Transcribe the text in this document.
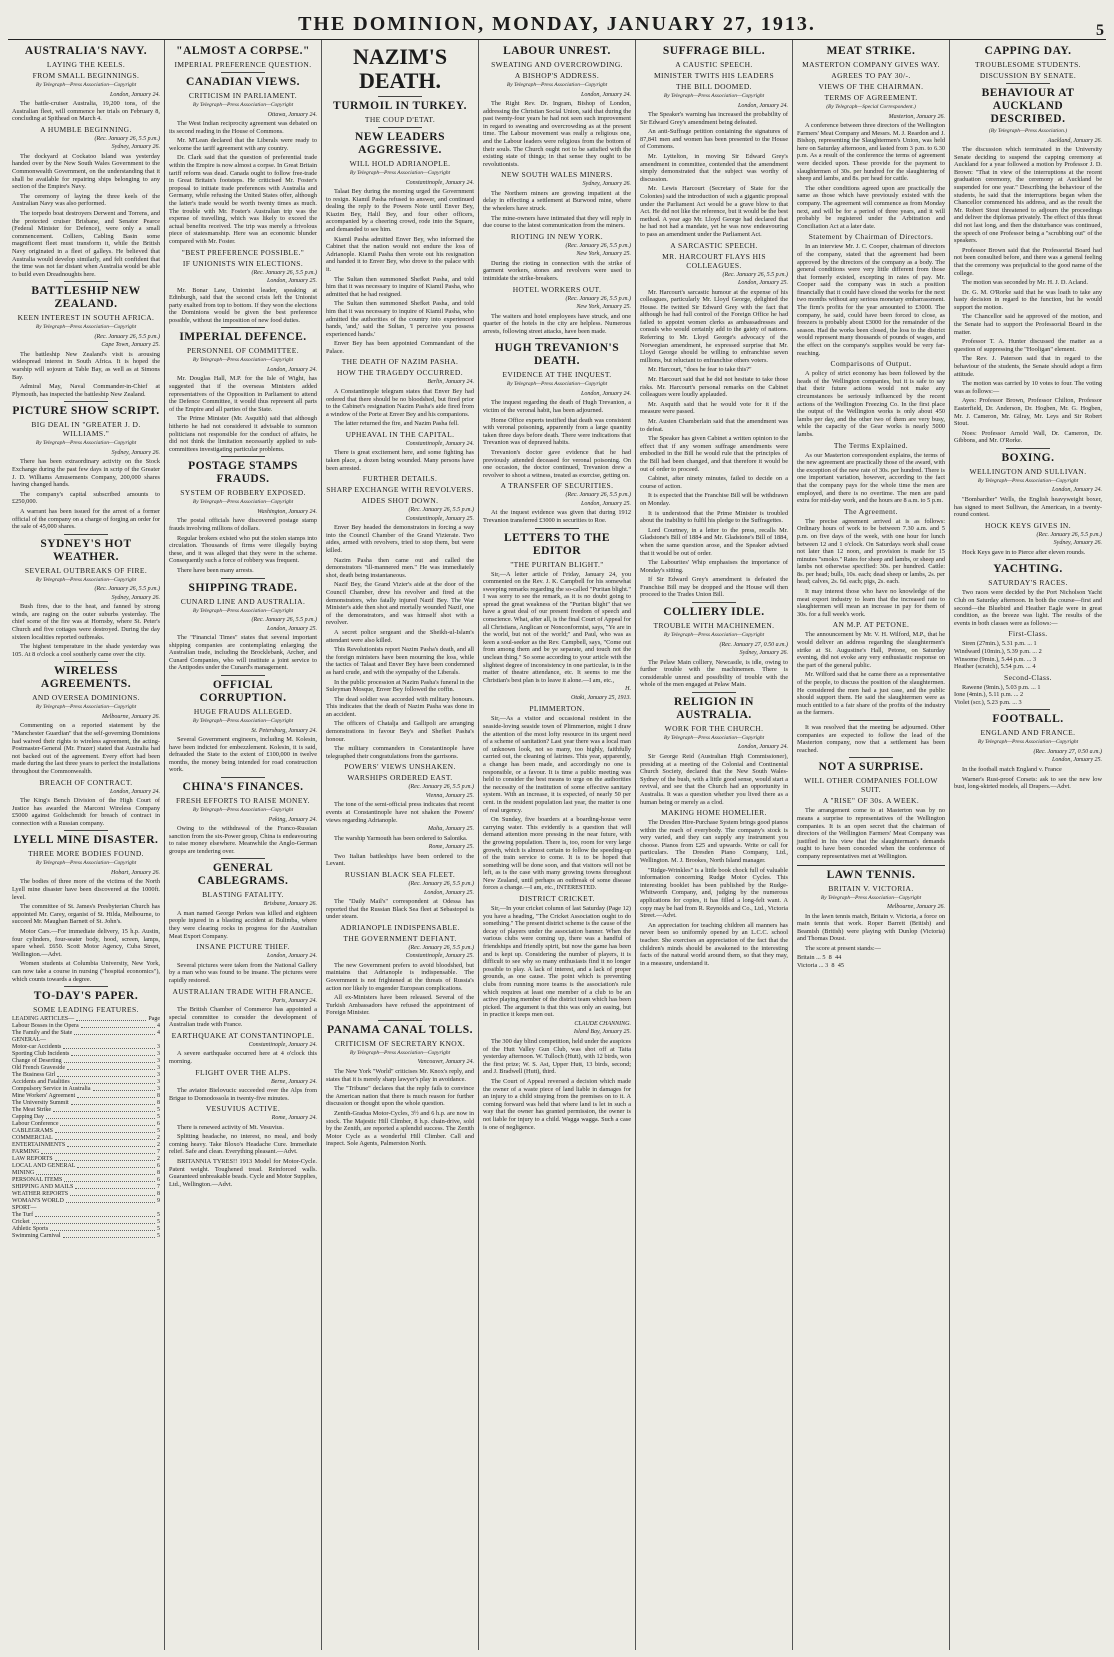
THE DOMINION, MONDAY, JANUARY 27, 1913.	5
AUSTRALIA'S NAVY.
LAYING THE KEELS.
FROM SMALL BEGINNINGS.
By Telegraph—Press Association—Copyright
London, January 24.

The battle-cruiser Australia, 19,200 tons, of the Australian fleet, will commence her trials on February 8, concluding at Spithead on March 4.

A HUMBLE BEGINNING.
(Rec. January 26, 5.5 p.m.)
Sydney, January 26.

The dockyard at Cockatoo Island was yesterday handed over by the New South Wales Government to the Commonwealth Government, on the understanding that it shall be available for repairing ships belonging to any section of the Empire's Navy.

The ceremony of laying the three keels of the Australian Navy was also performed.

The torpedo boat destroyers Derwent and Torrens, and the protected cruiser Brisbane, and Senator Pearce (Federal Minister for Defence), were only a small commencement. Colliers, Cabling Basin some magnificent fleet must transform it, while the British Navy originated in a fleet of galleys. He believed that Australia would develop similarly, and felt confident that the time was not far distant when Australia would be able to build even Dreadnoughts here.

BATTLESHIP NEW ZEALAND.
KEEN INTEREST IN SOUTH AFRICA.
By Telegraph—Press Association—Copyright
(Rec. January 26, 5.5 p.m.)
Cape Town, January 25.

The battleship New Zealand's visit is arousing widespread interest in South Africa. It is hoped the warship will sojourn at Table Bay, as well as at Simons Bay.

Admiral May, Naval Commander-in-Chief at Plymouth, has inspected the battleship New Zealand.

PICTURE SHOW SCRIPT.
BIG DEAL IN "GREATER J. D. WILLIAMS."
By Telegraph—Press Association—Copyright
Sydney, January 26.

There has been extraordinary activity on the Stock Exchange during the past few days in scrip of the Greater J. D. Williams Amusements Company, 200,000 shares having changed hands.

The company's capital subscribed amounts to £250,000.

A warrant has been issued for the arrest of a former official of the company on a charge of forging an order for the sale of 45,000 shares.

SYDNEY'S HOT WEATHER.
SEVERAL OUTBREAKS OF FIRE.
By Telegraph—Press Association—Copyright
(Rec. January 26, 5.5 p.m.)
Sydney, January 26.

Bush fires, due to the heat, and fanned by strong winds, are raging on the outer suburbs yesterday. The chief scene of the fire was at Hornsby, where St. Peter's Church and five cottages were destroyed. During the day sixteen localities reported outbreaks.

The highest temperature in the shade yesterday was 105. At 8 o'clock a cool southerly came over the city.

WIRELESS AGREEMENTS.
AND OVERSEA DOMINIONS.
By Telegraph—Press Association—Copyright
Melbourne, January 26.

Commenting on a reported statement by the "Manchester Guardian" that the self-governing Dominions had waived their rights to wireless agreement, the acting-Postmaster-General (Mr. Frazer) stated that Australia had not backed out of the agreement. Every effort had been made during the last three years to perfect the installations throughout the Commonwealth.

BREACH OF CONTRACT.
London, January 24.

The King's Bench Division of the High Court of Justice has awarded the Marconi Wireless Company £5000 against Goldschmidt for breach of contract in connection with a Russian company.

LYELL MINE DISASTER.
THREE MORE BODIES FOUND.
By Telegraph—Press Association—Copyright
Hobart, January 26.

The bodies of three more of the victims of the North Lyell mine disaster have been discovered at the 1000ft. level.

The committee of St. James's Presbyterian Church has appointed Mr. Carey, organist of St. Hilda, Melbourne, to succeed Mr. Maughan Barnett of St. John's.

Motor Cars.—For immediate delivery, 15 h.p. Austin, four cylinders, four-seater body, hood, screen, lamps, spare wheel. £650. Scott Motor Agency, Cuba Street, Wellington.—Advt.

Women students at Columbia University, New York, can now take a course in nursing ("hospital economics"), which counts towards a degree.

TO-DAY'S PAPER.
SOME LEADING FEATURES.
LEADING ARTICLES—	Page
Labour Bosses in the Opera	4
The Family and the State	4
GENERAL—
Motor-car Accidents	3
Sporting Club Incidents	3
Change of Deserting	3
Old French Graveside	3
The Business Girl	3
Accidents and Fatalities	3
Compulsory Service in Australia	3
Mine Workers' Agreement	8
The University Summit	8
The Meat Strike	5
Capping Day	5
Labour Conference	6
CABLEGRAMS	5
COMMERCIAL	2
ENTERTAINMENTS	2
FARMING	7
LAW REPORTS	2
LOCAL AND GENERAL	6
MINING	8
PERSONAL ITEMS	6
SHIPPING AND MAILS	7
WEATHER REPORTS	8
WOMAN'S WORLD	9
SPORT—
The Turf	5
Cricket	5
Athletic Sports	5
Swimming Carnival	5
"ALMOST A CORPSE."
IMPERIAL PREFERENCE QUESTION.
CANADIAN VIEWS.
CRITICISM IN PARLIAMENT.
By Telegraph—Press Association—Copyright
Ottawa, January 24.

The West Indian reciprocity agreement was debated on its second reading in the House of Commons.

Mr. M'Lean declared that the Liberals were ready to welcome the tariff agreement with any country.

Dr. Clark said that the question of preferential trade within the Empire is now almost a corpse. In Great Britain tariff reform was dead. Canada ought to follow free-trade in Great Britain's footsteps. He criticised Mr. Foster's proposal to initiate trade preferences with Australia and Germany, while refusing the United States offer, although the latter's trade would be worth twenty times as much. The trouble with Mr. Foster's Australian trip was the expense of travelling, which was likely to exceed the actual benefits received. The trip was merely a frivolous piece of statesmanship. Here was an economic blunder compared with Mr. Foster.

"BEST PREFERENCE POSSIBLE."
IF UNIONISTS WIN ELECTIONS.
(Rec. January 26, 5.5 p.m.)
London, January 25.

Mr. Bonar Law, Unionist leader, speaking at Edinburgh, said that the second crisis left the Unionist party exalted from top to bottom. If they won the elections the Dominions would be given the best preference possible, without the imposition of new food duties.

IMPERIAL DEFENCE.
PERSONNEL OF COMMITTEE.
By Telegraph—Press Association—Copyright
London, January 24.

Mr. Douglas Hall, M.P. for the Isle of Wight, has suggested that if the overseas Ministers added representatives of the Opposition in Parliament to attend the Defence Committee, it would thus represent all parts of the Empire and all parties of the State.

The Prime Minister (Mr. Asquith) said that although hitherto he had not considered it advisable to summon politicians not responsible for the conduct of affairs, he did not think the limitation necessarily applied to sub-committees investigating particular problems.

POSTAGE STAMPS FRAUDS.
SYSTEM OF ROBBERY EXPOSED.
By Telegraph—Press Association—Copyright
Washington, January 24.

The postal officials have discovered postage stamp frauds involving millions of dollars.

Regular brokers existed who put the stolen stamps into circulation. Thousands of firms were illegally buying these, and it was alleged that they were in the scheme. Consequently such a force of robbery was frequent.

There have been many arrests.

SHIPPING TRADE.
CUNARD LINE AND AUSTRALIA.
By Telegraph—Press Association—Copyright
(Rec. January 26, 5.5 p.m.)
London, January 25.

The "Financial Times" states that several important shipping companies are contemplating enlarging the Australian trade, including the Brocklebank, Archer, and Cunard Companies, who will institute a joint service to the Antipodes under the Cunard's management.

OFFICIAL CORRUPTION.
HUGE FRAUDS ALLEGED.
By Telegraph—Press Association—Copyright
St. Petersburg, January 24.

Several Government engineers, including M. Kolesin, have been indicted for embezzlement. Kolesin, it is said, defrauded the State to the extent of £100,000 in twelve months, the money being intended for road construction work.

CHINA'S FINANCES.
FRESH EFFORTS TO RAISE MONEY.
By Telegraph—Press Association—Copyright
Peking, January 24.

Owing to the withdrawal of the Franco-Russian sanction from the six-Power group, China is endeavouring to raise money elsewhere. Meanwhile the Anglo-German groups are tendering over.

GENERAL CABLEGRAMS.
BLASTING FATALITY.
Brisbane, January 26.

A man named George Perkes was killed and eighteen people injured in a blasting accident at Bulimba, where they were clearing rocks in progress for the Australian Meat Export Company.

INSANE PICTURE THIEF.
London, January 24.

Several pictures were taken from the National Gallery by a man who was found to be insane. The pictures were rapidly restored.

AUSTRALIAN TRADE WITH FRANCE.
Paris, January 24.

The British Chamber of Commerce has appointed a special committee to consider the development of Australian trade with France.

EARTHQUAKE AT CONSTANTINOPLE.
Constantinople, January 24.

A severe earthquake occurred here at 4 o'clock this morning.

FLIGHT OVER THE ALPS.
Berne, January 24.

The aviator Bielovucic succeeded over the Alps from Brigue to Domodossola in twenty-five minutes.

VESUVIUS ACTIVE.
Rome, January 24.

There is renewed activity of Mt. Vesuvius.

Splitting headache, no interest, no meal, and body coming heavy. Take Bloxo's Headache Cure. Immediate relief. Safe and clean. Everything pleasant.—Advt.

BRITANNIA TYRES!! 1913 Model for Motor-Cycle. Patent weight. Toughened tread. Reinforced walls. Guaranteed unbreakable beads. Cycle and Motor Supplies, Ltd., Wellington.—Advt.

NAZIM'S DEATH.
TURMOIL IN TURKEY.
THE COUP D'ETAT.
NEW LEADERS AGGRESSIVE.
WILL HOLD ADRIANOPLE.
By Telegraph—Press Association—Copyright
Constantinople, January 24.

Talaat Bey during the morning urged the Government to resign. Kiamil Pasha refused to answer, and continued dealing the reply to the Powers Note until Enver Bey, Kiazim Bey, Halil Bey, and four other officers, accompanied by a cheering crowd, rode into the Square, and demanded to see him.

Kiamil Pasha admitted Enver Bey, who informed the Cabinet that the nation would not endure the loss of Adrianople. Kiamil Pasha then wrote out his resignation and handed it to Enver Bey, who drove to the palace with it.

The Sultan then summoned Shefket Pasha, and told him that it was necessary to inquire of Kiamil Pasha, who admitted that he had resigned.

The Sultan then summoned Shefket Pasha, and told him that it was necessary to inquire of Kiamil Pasha, who admitted the authorities of the country into experienced hands, 'and,' said the Sultan, 'I perceive you possess experienced hands.'

Enver Bey has been appointed Commandant of the Palace.

THE DEATH OF NAZIM PASHA.
HOW THE TRAGEDY OCCURRED.
Berlin, January 24.

A Constantinople telegram states that Enver Bey had ordered that there should be no bloodshed, but fired prior to the Cabinet's resignation Nazim Pasha's aide fired from a window of the Porte at Enver Bey and his companions.

The latter returned the fire, and Nazim Pasha fell.

UPHEAVAL IN THE CAPITAL.
Constantinople, January 24.

There is great excitement here, and some fighting has taken place, a dozen being wounded. Many persons have been arrested.

FURTHER DETAILS.
SHARP EXCHANGE WITH REVOLVERS.
AIDES SHOT DOWN.
(Rec. January 26, 5.5 p.m.)
Constantinople, January 25.

Enver Bey headed the demonstrators in forcing a way into the Council Chamber of the Grand Vizierate. Two aides, armed with revolvers, tried to stop them, but were killed.

Nazim Pasha then came out and called the demonstrators "ill-mannered men." He was immediately shot, death being instantaneous.

Nazif Bey, the Grand Vizier's aide at the door of the Council Chamber, drew his revolver and fired at the demonstrators, who fatally injured Nazif Bey. The War Minister's aide then shot and mortally wounded Nazif, one of the demonstrators, and was himself shot with a revolver.

A secret police sergeant and the Sheikh-ul-Islam's attendant were also killed.

This Revolutionists report Nazim Pasha's death, and all the foreign ministers have been mourning the loss, while the tactics of Talaat and Enver Bey have been condemned as hard crude, and with the sympathy of the Liberals.

In the public procession at Nazim Pasha's funeral in the Suleyman Mosque, Enver Bey followed the coffin.

The dead soldier was accorded with military honours. This indicates that the death of Nazim Pasha was done in an accident.

The officers of Chatalja and Gallipoli are arranging demonstrations in favour Bey's and Shefket Pasha's honour.

The military commanders in Constantinople have telegraphed their congratulations from the garrisons.

POWERS' VIEWS UNSHAKEN.
WARSHIPS ORDERED EAST.
(Rec. January 26, 5.5 p.m.)
Vienna, January 25.

The tone of the semi-official press indicates that recent events at Constantinople have not shaken the Powers' views regarding Adrianople.

Malta, January 25.

The warship Yarmouth has been ordered to Salonika.

Rome, January 25.

Two Italian battleships have been ordered to the Levant.

RUSSIAN BLACK SEA FLEET.
(Rec. January 26, 5.5 p.m.)
London, January 25.

The "Daily Mail's" correspondent at Odessa has reported that the Russian Black Sea fleet at Sebastopol is under steam.

ADRIANOPLE INDISPENSABLE.
THE GOVERNMENT DEFIANT.
(Rec. January 26, 5.5 p.m.)
Constantinople, January 25.

The new Government prefers to avoid bloodshed, but maintains that Adrianople is indispensable. The Government is not frightened at the threats of Russia's action nor likely to engender European complications.

All ex-Ministers have been released. Several of the Turkish Ambassadors have refused the appointment of Foreign Minister.

PANAMA CANAL TOLLS.
CRITICISM OF SECRETARY KNOX.
By Telegraph—Press Association—Copyright
Vancouver, January 24.

The New York "World" criticises Mr. Knox's reply, and states that it is merely sharp lawyer's play in avoidance.

The "Tribune" declares that the reply fails to convince the American nation that there is much reason for further discussion or thought upon the whole question.

Zenith-Gradua Motor-Cycles, 3½ and 6 h.p. are now in stock. The Majestic Hill Climber, 8 h.p. chain-drive, sold by the Zenith, are reported a splendid success. The Zenith Motor Cycle as a wonderful Hill Climber. Call and inspect. Sole Agents, Palmerston North.

LABOUR UNREST.
SWEATING AND OVERCROWDING.
A BISHOP'S ADDRESS.
By Telegraph—Press Association—Copyright
London, January 24.

The Right Rev. Dr. Ingram, Bishop of London, addressing the Christian Social Union, said that during the past twenty-four years he had not seen such improvement in regard to sweating and overcrowding as at the present time. The Labour movement was really a religious one, and the Labour leaders were religious from the bottom of their souls. The Church ought not to be satisfied with the existing state of things; in that sense they ought to be revolutionists.

NEW SOUTH WALES MINERS.
Sydney, January 26.

The Northern miners are growing impatient at the delay in effecting a settlement at Burwood mine, where the wheelers have struck.

The mine-owners have intimated that they will reply in due course to the latest communication from the miners.

RIOTING IN NEW YORK.
(Rec. January 26, 5.5 p.m.)
New York, January 25.

During the rioting in connection with the strike of garment workers, stones and revolvers were used to intimidate the strike-breakers.

HOTEL WORKERS OUT.
(Rec. January 26, 5.5 p.m.)
New York, January 25.

The waiters and hotel employees have struck, and one quarter of the hotels in the city are helpless. Numerous arrests, following street attacks, have been made.

HUGH TREVANION'S DEATH.
EVIDENCE AT THE INQUEST.
By Telegraph—Press Association—Copyright
London, January 24.

The inquest regarding the death of Hugh Trevanion, a victim of the veronal habit, has been adjourned.

Home Office experts testified that death was consistent with veronal poisoning, apparently from a large quantity taken three days before death. There were indications that Trevanion was of depraved habits.

Trevanion's doctor gave evidence that he had previously attended deceased for veronal poisoning. On one occasion, the doctor continued, Trevanion drew a revolver to shoot a witness, treated as exercise, getting on.

A TRANSFER OF SECURITIES.
(Rec. January 26, 5.5 p.m.)
London, January 25.

At the inquest evidence was given that during 1912 Trevanion transferred £3000 in securities to Roe.

LETTERS TO THE EDITOR
"THE PURITAN BLIGHT."

Sir,—A letter article of Friday, January 24, you commented on the Rev. J. K. Campbell for his somewhat sweeping remarks regarding the so-called "Puritan blight." I was sorry to see the remark, as it is no doubt going to spread the great weakness of the "Puritan blight" that we have a great deal of our present freedom of speech and conscience. What, after all, is the final Court of Appeal for all Christians, Anglican or Nonconformist, says, "Ye are in the world, but not of the world;" and Paul, who was as keen a soul-seeker as the Rev. Campbell, says, "Come out from among them and be ye separate, and touch not the unclean thing." So some according to your article with the slightest degree of inconsistency in one particular, is in the matter of theatre attendance, etc. It seems to me the Christian's best plan is to leave it alone.—I am, etc.,

H.
Otaki, January 25, 1913.
PLIMMERTON.

Sir,—As a visitor and occasional resident in the seaside-loving seaside town of Plimmerton, might I draw the attention of the most lofty resource in its urgent need of a scheme of sanitation? Last year there was a local man of unknown look, not so many, too highly, faithfully carried out, the cleaning of latrines. This year, apparently, a change has been made, and accordingly no one is responsible, or a favour. It is time a public meeting was held to consider the best means to urge on the authorities the necessity of the institution of some effective sanitary system. With an increase, it is expected, of nearly 50 per cent. in the resident population last year, the matter is one of real urgency.

On Sunday, five boarders at a boarding-house were carrying water. This evidently is a question that will demand attention more pressing in the near future, with the growing population. There is, too, room for very large growth, which is almost certain to follow the speeding-up of the train service to come. It is to be hoped that something will be done soon, and that visitors will not be left, as is the case with many growing towns throughout New Zealand, until perhaps an outbreak of some disease forces a change.—I am, etc., INTERESTED.

DISTRICT CRICKET.

Sir,—In your cricket column of last Saturday (Page 12) you have a heading, "The Cricket Association ought to do something." The present district scheme is the cause of the decay of players under the association banner. When the various clubs were coming up, there was a handful of friendships and friendly spirit, but now the game has been and is kept up. Considering the number of players, it is difficult to see why so many enthusiasts find it no longer possible to play. A lack of interest, and a lack of proper grounds, as one cause. The point which is preventing clubs from running more teams is the association's rule which requires at least one member of a club to be an active playing member of the district team which has been picked. The argument is that this was only an easing, but in practice it keeps men out.

CLAUDE CHANNING.
Island Bay, January 25.

The 300 day blind competition, held under the auspices of the Hutt Valley Gun Club, was shot off at Taita yesterday afternoon. W. Tulloch (Hutt), with 12 birds, won the first prize; W. S. Ast, Upper Hutt, 13 birds, second; and J. Bradwell (Hutt), third.

The Court of Appeal reversed a decision which made the owner of a waste piece of land liable in damages for an injury to a child straying from the premises on to it. A coming forward was held that where land is let in such a way that the owner has granted permission, the owner is not liable for injury to a child. Wagga wagga. Such a case is one of negligence.

SUFFRAGE BILL.
A CAUSTIC SPEECH.
MINISTER TWITS HIS LEADERS
THE BILL DOOMED.
By Telegraph—Press Association—Copyright
London, January 24.

The Speaker's warning has increased the probability of Sir Edward Grey's amendment being defeated.

An anti-Suffrage petition containing the signatures of 87,841 men and women has been presented to the House of Commons.

Mr. Lyttelton, in moving Sir Edward Grey's amendment in committee, contended that the amendment simply demonstrated that the subject was worthy of discussion.

Mr. Lewis Harcourt (Secretary of State for the Colonies) said the introduction of such a gigantic proposal under the Parliament Act would be a grave blow to that Act. He did not like the reference, but it would be the best method. A year ago Mr. Lloyd George had declared that he had not had a mandate, yet he was now endeavouring to pass an amendment under the Parliament Act.

A SARCASTIC SPEECH.
MR. HARCOURT FLAYS HIS COLLEAGUES.
(Rec. January 26, 5.5 p.m.)
London, January 25.

Mr. Harcourt's sarcastic humour at the expense of his colleagues, particularly Mr. Lloyd George, delighted the House. He twitted Sir Edward Grey with the fact that although he had full control of the Foreign Office he had failed to appoint women clerks as ambassadresses and consuls who would certainly add to the gaiety of nations. Referring to Mr. Lloyd George's advocacy of the Norwegian amendment, he expressed surprise that Mr. Lloyd George should be willing to enfranchise seven millions, but reluctant to enfranchise others voters.

Mr. Harcourt, "does he fear to take this?"

Mr. Harcourt said that he did not hesitate to take those risks. Mr. Harcourt's personal remarks on the Cabinet colleagues were loudly applauded.

Mr. Asquith said that he would vote for it if the measure were passed.

Mr. Austen Chamberlain said that the amendment was to defeat.

The Speaker has given Cabinet a written opinion to the effect that if any women suffrage amendments were embodied in the Bill he would rule that the principles of the Bill had been changed, and that therefore it would be out of order to proceed.

Cabinet, after ninety minutes, failed to decide on a course of action.

It is expected that the Franchise Bill will be withdrawn on Monday.

It is understood that the Prime Minister is troubled about the inability to fulfil his pledge to the Suffragettes.

Lord Courtney, in a letter to the press, recalls Mr. Gladstone's Bill of 1884 and Mr. Gladstone's Bill of 1884, when the same question arose, and the Speaker advised that it would be out of order.

The Labourites' Whip emphasises the importance of Monday's sitting.

If Sir Edward Grey's amendment is defeated the Franchise Bill may be dropped and the House will then proceed to the Trades Union Bill.

COLLIERY IDLE.
TROUBLE WITH MACHINEMEN.
By Telegraph—Press Association—Copyright
(Rec. January 27, 0.50 a.m.)
Sydney, January 26.

The Pelaw Main colliery, Newcastle, is idle, owing to further trouble with the machinemen. There is considerable unrest and possibility of trouble with the whole of the men engaged at Pelaw Main.

RELIGION IN AUSTRALIA.
WORK FOR THE CHURCH.
By Telegraph—Press Association—Copyright
London, January 24.

Sir George Reid (Australian High Commissioner), presiding at a meeting of the Colonial and Continental Church Society, declared that the New South Wales-Sydney of the bush, with a little good sense, would start a revival, and see that the Church had an opportunity in Australia. It was a question whether you lived there as a human being or merely as a clod.

MAKING HOME HOMELIER.

The Dresden Hire-Purchase System brings good pianos within the reach of everybody. The company's stock is very varied, and they can supply any instrument you choose. Pianos from £25 and upwards. Write or call for particulars. The Dresden Piano Company, Ltd., Wellington. M. J. Brookes, North Island manager.

"Ridge-Wrinkles" is a little book chock full of valuable information concerning Rudge Motor Cycles. This interesting booklet has been published by the Rudge-Whitworth Company, and, judging by the numerous applications for copies, it has filled a long-felt want. A copy may be had from R. Reynolds and Co., Ltd., Victoria Street.—Advt.

An appreciation for teaching children all manners has never been so uniformly opened by an L.C.C. school teacher. She exercises an appreciation of the fact that the children's minds should be awakened to the interesting facts of the natural world around them, so that they may, in a measure, understand it.

MEAT STRIKE.
MASTERTON COMPANY GIVES WAY.
AGREES TO PAY 30/-.
VIEWS OF THE CHAIRMAN.
TERMS OF AGREEMENT.
(By Telegraph—Special Correspondent.)
Masterton, January 26.

A conference between three directors of the Wellington Farmers' Meat Company and Messrs. M. J. Reardon and J. Bishop, representing the Slaughtermen's Union, was held here on Saturday afternoon, and lasted from 3 p.m. to 6.30 p.m. As a result of the conference the terms of agreement were decided upon. These provide for the payment to slaughtermen of 30s. per hundred for the slaughtering of sheep and lambs, and 8s. per head for cattle.

The other conditions agreed upon are practically the same as those which have previously existed with the company. The agreement will commence as from Monday next, and will be for a period of three years, and it will probably be registered under the Arbitration and Conciliation Act at a later date.

Statement by Chairman of Directors.

In an interview Mr. J. C. Cooper, chairman of directors of the company, stated that the agreement had been approved by the directors of the company as a body. The general conditions were very little different from those that formerly existed, excepting in rates of pay. Mr. Cooper said the company was in such a position financially that it could have closed the works for the next two months without any serious monetary embarrassment. The firm's profits for the year amounted to £3000. The company, he said, could have been forced to close, as freezers is probably about £3000 for the remainder of the season. Had the works been closed, the loss to the district would represent many thousands of pounds of wages, and the effect on the company's supplies would be very far-reaching.

Comparisons of Output.

A policy of strict economy has been followed by the heads of the Wellington companies, but it is safe to say that their future actions would not make any circumstances be seriously influenced by the recent actions of the Wellington Freezing Co. In the first place the output of the Wellington works is only about 450 lambs per day, and the other two of them are very busy, while the capacity of the Gear works is nearly 5000 lambs.

The Terms Explained.

As our Masterton correspondent explains, the terms of the new agreement are practically those of the award, with the exception of the new rate of 30s. per hundred. There is one important variation, however, according to the fact that the company pays for the whole time the men are employed, and there is no overtime. The men are paid extra for mid-day work, and the hours are 8 a.m. to 5 p.m.

The Agreement.

The precise agreement arrived at is as follows: Ordinary hours of work to be between 7.30 a.m. and 5 p.m. on five days of the week, with one hour for lunch between 12 and 1 o'clock. On Saturdays work shall cease not later than 12 noon, and provision is made for 15 minutes "smoko." Rates for sheep and lambs, or sheep and lambs not otherwise specified: 30s. per hundred. Cattle: 8s. per head; bulls, 10s. each; dead sheep or lambs, 2s. per head; calves, 2s. 6d. each; pigs, 2s. each.

It may interest those who have no knowledge of the meat export industry to learn that the increased rate to slaughtermen will mean an increase in pay for them of 30s. for a full week's work.

AN M.P. AT PETONE.

The announcement by Mr. V. H. Wilford, M.P., that he would deliver an address regarding the slaughtermen's strike at St. Augustine's Hall, Petone, on Saturday evening, did not evoke any very enthusiastic response on the part of the general public.

Mr. Wilford said that he came there as a representative of the people, to discuss the position of the slaughtermen. He considered the men had a just case, and the public should support them. He said the slaughtermen were as much entitled to a fair share of the profits of the industry as the farmers.

It was resolved that the meeting be adjourned. Other companies are expected to follow the lead of the Masterton company, now that a settlement has been reached.

NOT A SURPRISE.
WILL OTHER COMPANIES FOLLOW SUIT.
A "RISE" OF 30s. A WEEK.

The arrangement come to at Masterton was by no means a surprise to representatives of the Wellington companies. It is an open secret that the chairman of directors of the Wellington Farmers' Meat Company was justified in his view that the slaughterman's demands ought to have been conceded when the conference of company representatives met at Wellington.

LAWN TENNIS.
BRITAIN V. VICTORIA.
By Telegraph—Press Association—Copyright
Melbourne, January 26.

In the lawn tennis match, Britain v. Victoria, a force on main tennis that work. Roper Barrett (British) and Beamish (British) were playing with Dunlop (Victoria) and Thomas Doust.

The score at present stands:—

Britain ... 5  8  44
Victoria ... 3  8  45

CAPPING DAY.
TROUBLESOME STUDENTS.
DISCUSSION BY SENATE.
BEHAVIOUR AT AUCKLAND DESCRIBED.
(By Telegraph—Press Association.)
Auckland, January 26.

The discussion which terminated in the University Senate deciding to suspend the capping ceremony at Auckland for a year followed a motion by Professor J. D. Brown: "That in view of the interruptions at the recent graduation ceremony, the ceremony at Auckland be suspended for one year." Describing the behaviour of the students, he said that the interruptions began when the Chancellor commenced his address, and as the result the Mr. Robert Stout threatened to adjourn the proceedings and deliver the diplomas privately. The effect of this threat did not last long, and then the disturbance was continued, the speech of one Professor being a "scrubbing out" of the speakers.

Professor Brown said that the Professorial Board had not been consulted before, and there was a general feeling that the ceremony was prejudicial to the good name of the college.

The motion was seconded by Mr. H. J. D. Acland.

Dr. G. M. O'Rorke said that he was loath to take any hasty decision in regard to the function, but he would support the motion.

The Chancellor said he approved of the motion, and the Senate had to support the Professorial Board in the matter.

Professor T. A. Hunter discussed the matter as a question of suppressing the "Hooligan" element.

The Rev. J. Paterson said that in regard to the behaviour of the students, the Senate should adopt a firm attitude.

The motion was carried by 10 votes to four. The voting was as follows:—

Ayes: Professor Brown, Professor Chilton, Professor Easterfield, Dr. Anderson, Dr. Hogben, Mr. G. Hogben, Mr. J. Cameron, Mr. Gilray, Mr. Leys and Sir Robert Stout.

Noes: Professor Arnold Wall, Dr. Cameron, Dr. Gibbons, and Mr. O'Rorke.

BOXING.
WELLINGTON AND SULLIVAN.
By Telegraph—Press Association—Copyright
London, January 24.

"Bombardier" Wells, the English heavyweight boxer, has signed to meet Sullivan, the American, in a twenty-round contest.

HOCK KEYS GIVES IN.
(Rec. January 26, 5.5 p.m.)
Sydney, January 26.

Hock Keys gave in to Pierce after eleven rounds.

YACHTING.
SATURDAY'S RACES.

Two races were decided by the Port Nicholson Yacht Club on Saturday afternoon. In both the course—first and second—the Bluebird and Heather Eagle were in great condition, as the breeze was light. The results of the events in both classes were as follows:—

First-Class.

Siren (27min.), 5.31 p.m. ... 1
Windward (10min.), 5.39 p.m. ... 2
Winsome (9min.), 5.44 p.m. ... 3
Heather (scratch), 5.54 p.m. ... 4

Second-Class.

Rawene (9min.), 5.03 p.m. ... 1
Ione (4min.), 5.11 p.m. ... 2
Violet (scr.), 5.23 p.m. ... 3

FOOTBALL.
ENGLAND AND FRANCE.
By Telegraph—Press Association—Copyright
(Rec. January 27, 0.50 a.m.)
London, January 25.

In the football match England v. France

Warner's Rust-proof Corsets: ask to see the new low bust, long-skirted models, all Drapers.—Advt.
